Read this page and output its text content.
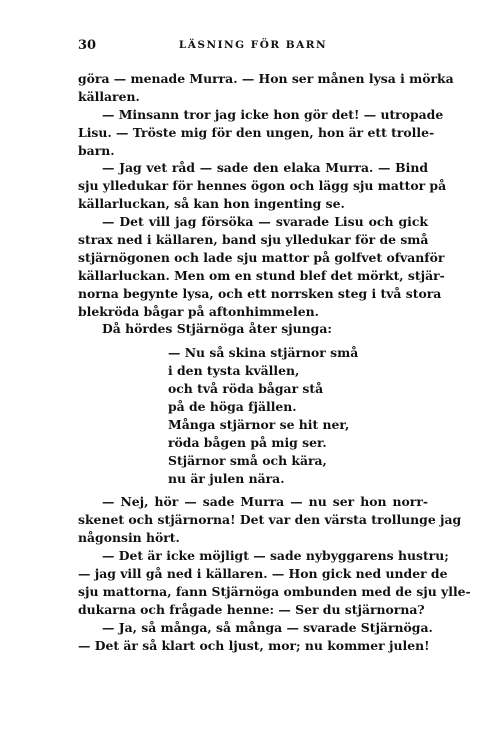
30	LÄSNING FÖR BARN
göra — menade Murra. — Hon ser månen lysa i mörka
källaren.
— Minsann tror jag icke hon gör det! — utropade
Lisu. — Tröste mig för den ungen, hon är ett trolle-
barn.
— Jag vet råd — sade den elaka Murra. — Bind
sju ylledukar för hennes ögon och lägg sju mattor på
källarluckan, så kan hon ingenting se.
— Det vill jag försöka — svarade Lisu och gick
strax ned i källaren, band sju ylledukar för de små
stjärnögonen och lade sju mattor på golfvet ofvanför
källarluckan. Men om en stund blef det mörkt, stjär-
norna begynte lysa, och ett norrsken steg i två stora
blekröda bågar på aftonhimmelen.
Då hördes Stjärnöga åter sjunga:
— Nu så skina stjärnor små
i den tysta kvällen,
och två röda bågar stå
på de höga fjällen.
Många stjärnor se hit ner,
röda bågen på mig ser.
Stjärnor små och kära,
nu är julen nära.
— Nej, hör — sade Murra — nu ser hon norr-
skenet och stjärnorna! Det var den värsta trollunge jag
någonsin hört.
— Det är icke möjligt — sade nybyggarens hustru;
— jag vill gå ned i källaren. — Hon gick ned under de
sju mattorna, fann Stjärnöga ombunden med de sju ylle-
dukarna och frågade henne: — Ser du stjärnorna?
— Ja, så många, så många — svarade Stjärnöga.
— Det är så klart och ljust, mor; nu kommer julen!
